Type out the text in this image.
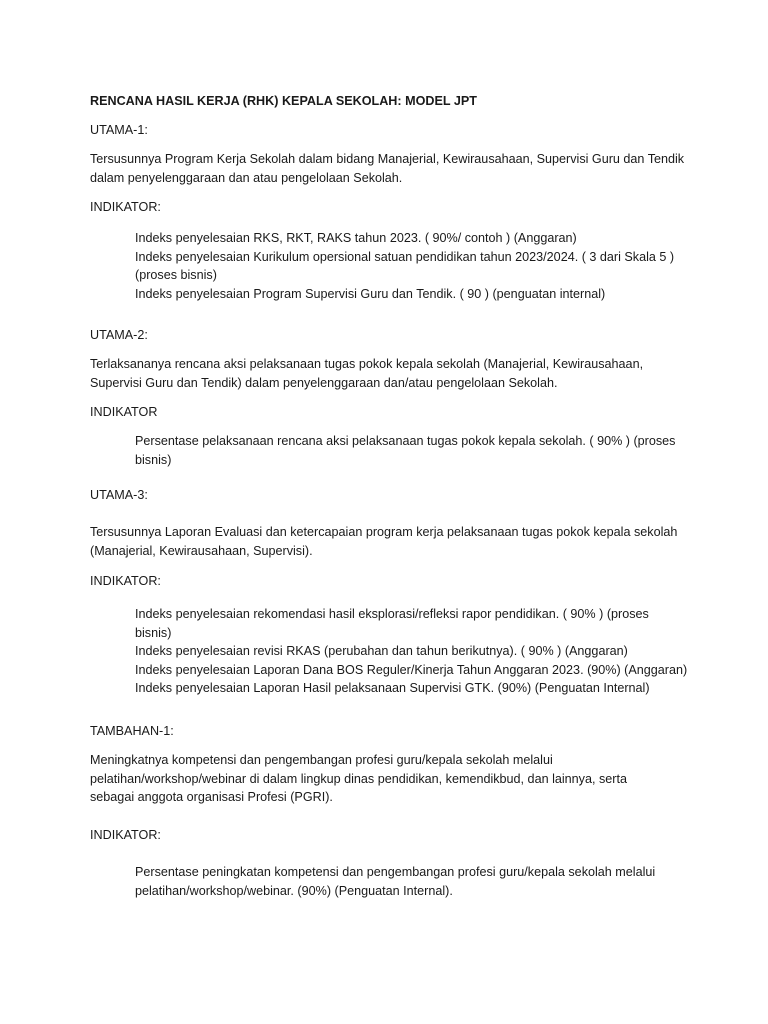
RENCANA HASIL KERJA (RHK) KEPALA SEKOLAH: MODEL JPT

UTAMA-1:

Tersusunnya Program Kerja Sekolah dalam bidang Manajerial, Kewirausahaan, Supervisi Guru dan Tendik
dalam penyelenggaraan dan atau pengelolaan Sekolah.

INDIKATOR:

Indeks penyelesaian RKS, RKT, RAKS tahun 2023. ( 90%/ contoh ) (Anggaran)
Indeks penyelesaian Kurikulum opersional satuan pendidikan tahun 2023/2024. ( 3 dari Skala 5 )
(proses bisnis)
Indeks penyelesaian Program Supervisi Guru dan Tendik. ( 90 ) (penguatan internal)

UTAMA-2:

Terlaksananya rencana aksi pelaksanaan tugas pokok kepala sekolah (Manajerial, Kewirausahaan,
Supervisi Guru dan Tendik) dalam penyelenggaraan dan/atau pengelolaan Sekolah.

INDIKATOR

Persentase pelaksanaan rencana aksi pelaksanaan tugas pokok kepala sekolah. ( 90% ) (proses
bisnis)

UTAMA-3:

Tersusunnya Laporan Evaluasi dan ketercapaian program kerja pelaksanaan tugas pokok kepala sekolah
(Manajerial, Kewirausahaan, Supervisi).

INDIKATOR:

Indeks penyelesaian rekomendasi hasil eksplorasi/refleksi rapor pendidikan. ( 90% ) (proses
bisnis)
Indeks penyelesaian revisi RKAS (perubahan dan tahun berikutnya). ( 90% ) (Anggaran)
Indeks penyelesaian Laporan Dana BOS Reguler/Kinerja Tahun Anggaran 2023. (90%) (Anggaran)
Indeks penyelesaian Laporan Hasil pelaksanaan Supervisi GTK. (90%) (Penguatan Internal)

TAMBAHAN-1:

Meningkatnya kompetensi dan pengembangan profesi guru/kepala sekolah melalui
pelatihan/workshop/webinar di dalam lingkup dinas pendidikan, kemendikbud, dan lainnya, serta
sebagai anggota organisasi Profesi (PGRI).

INDIKATOR:

Persentase peningkatan kompetensi dan pengembangan profesi guru/kepala sekolah melalui
pelatihan/workshop/webinar. (90%) (Penguatan Internal).
